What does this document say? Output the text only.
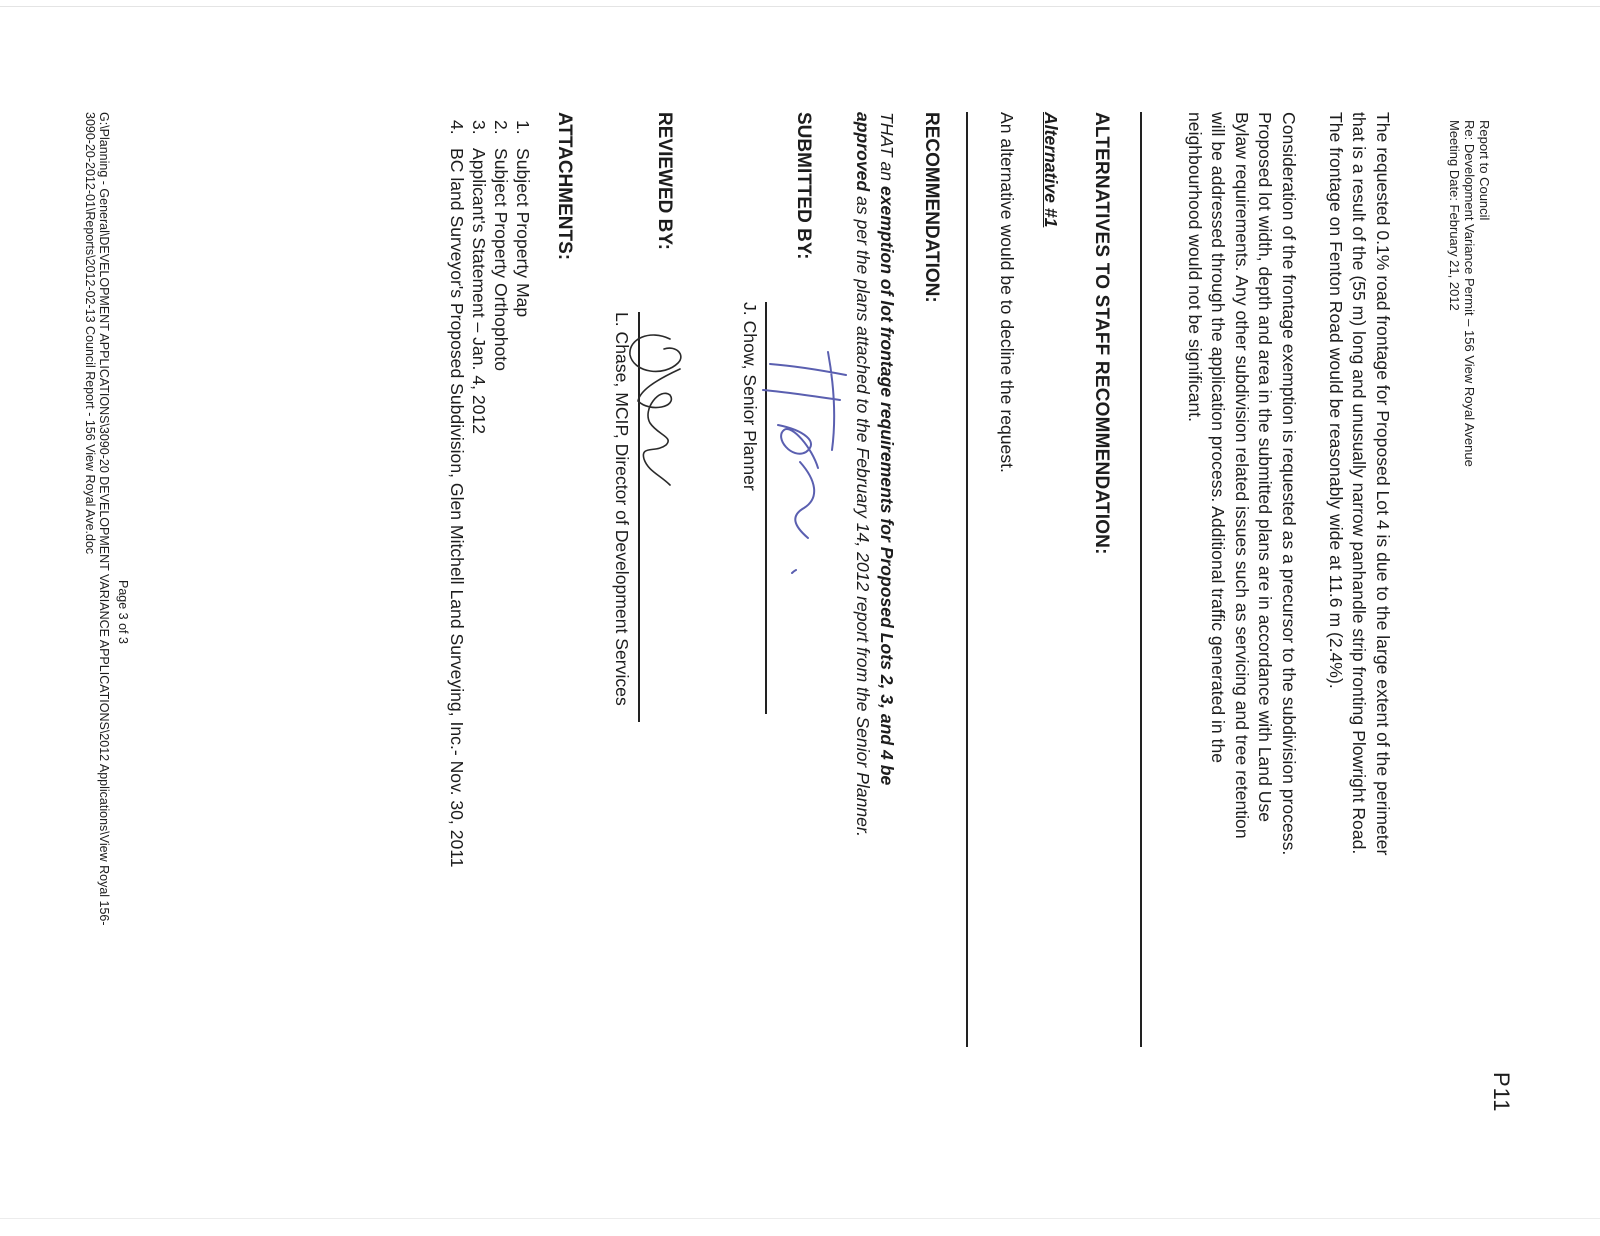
Report to Council
Re: Development Variance Permit – 156 View Royal Avenue
Meeting Date: February 21, 2012
P11
The requested 0.1% road frontage for Proposed Lot 4 is due to the large extent of the perimeter
that is a result of the (55 m) long and unusually narrow panhandle strip fronting Plowright Road.
The frontage on Fenton Road would be reasonably wide at 11.6 m (2.4%).
Consideration of the frontage exemption is requested as a precursor to the subdivision process.
Proposed lot width, depth and area in the submitted plans are in accordance with Land Use
Bylaw requirements. Any other subdivision related issues such as servicing and tree retention
will be addressed through the application process. Additional traffic generated in the
neighbourhood would not be significant.
ALTERNATIVES TO STAFF RECOMMENDATION:
Alternative #1
An alternative would be to decline the request.
RECOMMENDATION:
THAT an exemption of lot frontage requirements for Proposed Lots 2, 3, and 4 be
approved as per the plans attached to the February 14, 2012 report from the Senior Planner.
SUBMITTED BY:
J. Chow, Senior Planner
REVIEWED BY:
L. Chase, MCIP, Director of Development Services
ATTACHMENTS:
1.Subject Property Map
2.Subject Property Orthophoto
3.Applicant's Statement – Jan. 4, 2012
4.BC land Surveyor's Proposed Subdivision, Glen Mitchell Land Surveying, Inc.- Nov. 30, 2011
Page 3 of 3
G:\Planning - General\DEVELOPMENT APPLICATIONS\3090-20 DEVELOPMENT VARIANCE APPLICATIONS\2012 Applications\View Royal 156-
3090-20-2012-01\Reports\2012-02-13 Council Report - 156 View Royal Ave.doc
